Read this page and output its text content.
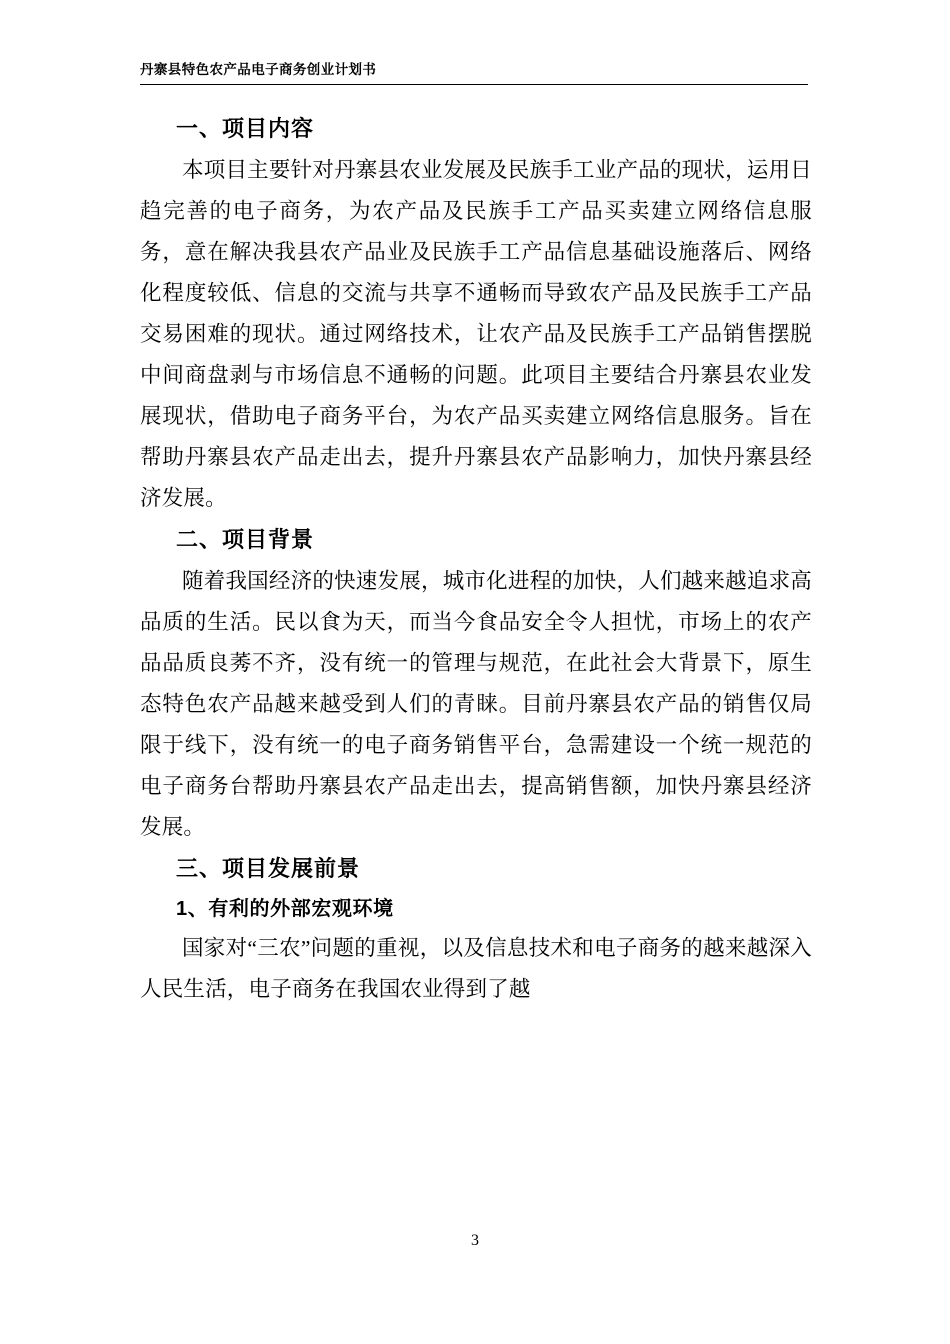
丹寨县特色农产品电子商务创业计划书
一、项目内容

本项目主要针对丹寨县农业发展及民族手工业产品的现状，运用日趋完善的电子商务，为农产品及民族手工产品买卖建立网络信息服务，意在解决我县农产品业及民族手工产品信息基础设施落后、网络化程度较低、信息的交流与共享不通畅而导致农产品及民族手工产品交易困难的现状。通过网络技术，让农产品及民族手工产品销售摆脱中间商盘剥与市场信息不通畅的问题。此项目主要结合丹寨县农业发展现状，借助电子商务平台，为农产品买卖建立网络信息服务。旨在帮助丹寨县农产品走出去，提升丹寨县农产品影响力，加快丹寨县经济发展。

二、项目背景

随着我国经济的快速发展，城市化进程的加快，人们越来越追求高品质的生活。民以食为天，而当今食品安全令人担忧，市场上的农产品品质良莠不齐，没有统一的管理与规范，在此社会大背景下，原生态特色农产品越来越受到人们的青睐。目前丹寨县农产品的销售仅局限于线下，没有统一的电子商务销售平台，急需建设一个统一规范的电子商务台帮助丹寨县农产品走出去，提高销售额，加快丹寨县经济发展。

三、项目发展前景
1、有利的外部宏观环境

国家对“三农”问题的重视，以及信息技术和电子商务的越来越深入人民生活，电子商务在我国农业得到了越

3
